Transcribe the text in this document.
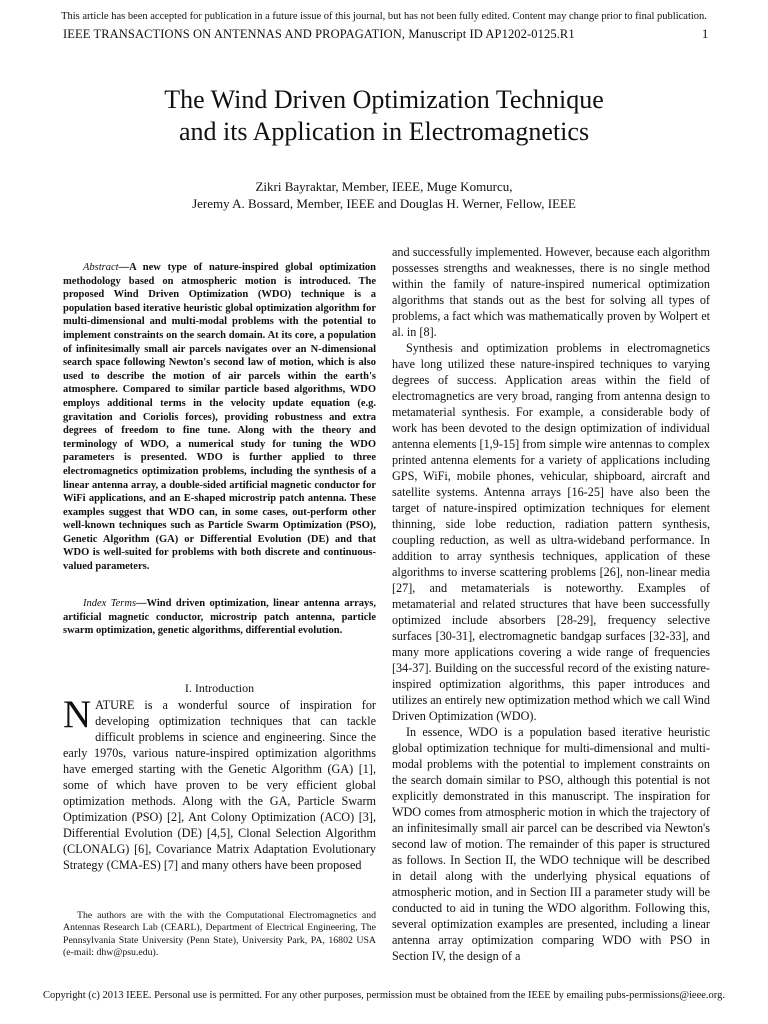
This article has been accepted for publication in a future issue of this journal, but has not been fully edited. Content may change prior to final publication.
IEEE TRANSACTIONS ON ANTENNAS AND PROPAGATION, Manuscript ID AP1202-0125.R1	1
The Wind Driven Optimization Technique
and its Application in Electromagnetics
Zikri Bayraktar, Member, IEEE, Muge Komurcu,
Jeremy A. Bossard, Member, IEEE and Douglas H. Werner, Fellow, IEEE
Abstract—A new type of nature-inspired global optimization methodology based on atmospheric motion is introduced. The proposed Wind Driven Optimization (WDO) technique is a population based iterative heuristic global optimization algorithm for multi-dimensional and multi-modal problems with the potential to implement constraints on the search domain. At its core, a population of infinitesimally small air parcels navigates over an N-dimensional search space following Newton's second law of motion, which is also used to describe the motion of air parcels within the earth's atmosphere. Compared to similar particle based algorithms, WDO employs additional terms in the velocity update equation (e.g. gravitation and Coriolis forces), providing robustness and extra degrees of freedom to fine tune. Along with the theory and terminology of WDO, a numerical study for tuning the WDO parameters is presented. WDO is further applied to three electromagnetics optimization problems, including the synthesis of a linear antenna array, a double-sided artificial magnetic conductor for WiFi applications, and an E-shaped microstrip patch antenna. These examples suggest that WDO can, in some cases, out-perform other well-known techniques such as Particle Swarm Optimization (PSO), Genetic Algorithm (GA) or Differential Evolution (DE) and that WDO is well-suited for problems with both discrete and continuous-valued parameters.
Index Terms—Wind driven optimization, linear antenna arrays, artificial magnetic conductor, microstrip patch antenna, particle swarm optimization, genetic algorithms, differential evolution.
I. Introduction
NATURE is a wonderful source of inspiration for developing optimization techniques that can tackle difficult problems in science and engineering. Since the early 1970s, various nature-inspired optimization algorithms have emerged starting with the Genetic Algorithm (GA) [1], some of which have proven to be very efficient global optimization methods. Along with the GA, Particle Swarm Optimization (PSO) [2], Ant Colony Optimization (ACO) [3], Differential Evolution (DE) [4,5], Clonal Selection Algorithm (CLONALG) [6], Covariance Matrix Adaptation Evolutionary Strategy (CMA-ES) [7] and many others have been proposed
The authors are with the with the Computational Electromagnetics and Antennas Research Lab (CEARL), Department of Electrical Engineering, The Pennsylvania State University (Penn State), University Park, PA, 16802 USA (e-mail: dhw@psu.edu).

and successfully implemented. However, because each algorithm possesses strengths and weaknesses, there is no single method within the family of nature-inspired numerical optimization algorithms that stands out as the best for solving all types of problems, a fact which was mathematically proven by Wolpert et al. in [8].

Synthesis and optimization problems in electromagnetics have long utilized these nature-inspired techniques to varying degrees of success. Application areas within the field of electromagnetics are very broad, ranging from antenna design to metamaterial synthesis. For example, a considerable body of work has been devoted to the design optimization of individual antenna elements [1,9-15] from simple wire antennas to complex printed antenna elements for a variety of applications including GPS, WiFi, mobile phones, vehicular, shipboard, aircraft and satellite systems. Antenna arrays [16-25] have also been the target of nature-inspired optimization techniques for element thinning, side lobe reduction, radiation pattern synthesis, coupling reduction, as well as ultra-wideband performance. In addition to array synthesis techniques, application of these algorithms to inverse scattering problems [26], non-linear media [27], and metamaterials is noteworthy. Examples of metamaterial and related structures that have been successfully optimized include absorbers [28-29], frequency selective surfaces [30-31], electromagnetic bandgap surfaces [32-33], and many more applications covering a wide range of frequencies [34-37]. Building on the successful record of the existing nature-inspired optimization algorithms, this paper introduces and utilizes an entirely new optimization method which we call Wind Driven Optimization (WDO).

In essence, WDO is a population based iterative heuristic global optimization technique for multi-dimensional and multi-modal problems with the potential to implement constraints on the search domain similar to PSO, although this potential is not explicitly demonstrated in this manuscript. The inspiration for WDO comes from atmospheric motion in which the trajectory of an infinitesimally small air parcel can be described via Newton's second law of motion. The remainder of this paper is structured as follows. In Section II, the WDO technique will be described in detail along with the underlying physical equations of atmospheric motion, and in Section III a parameter study will be conducted to aid in tuning the WDO algorithm. Following this, several optimization examples are presented, including a linear antenna array optimization comparing WDO with PSO in Section IV, the design of a

Copyright (c) 2013 IEEE. Personal use is permitted. For any other purposes, permission must be obtained from the IEEE by emailing pubs-permissions@ieee.org.
